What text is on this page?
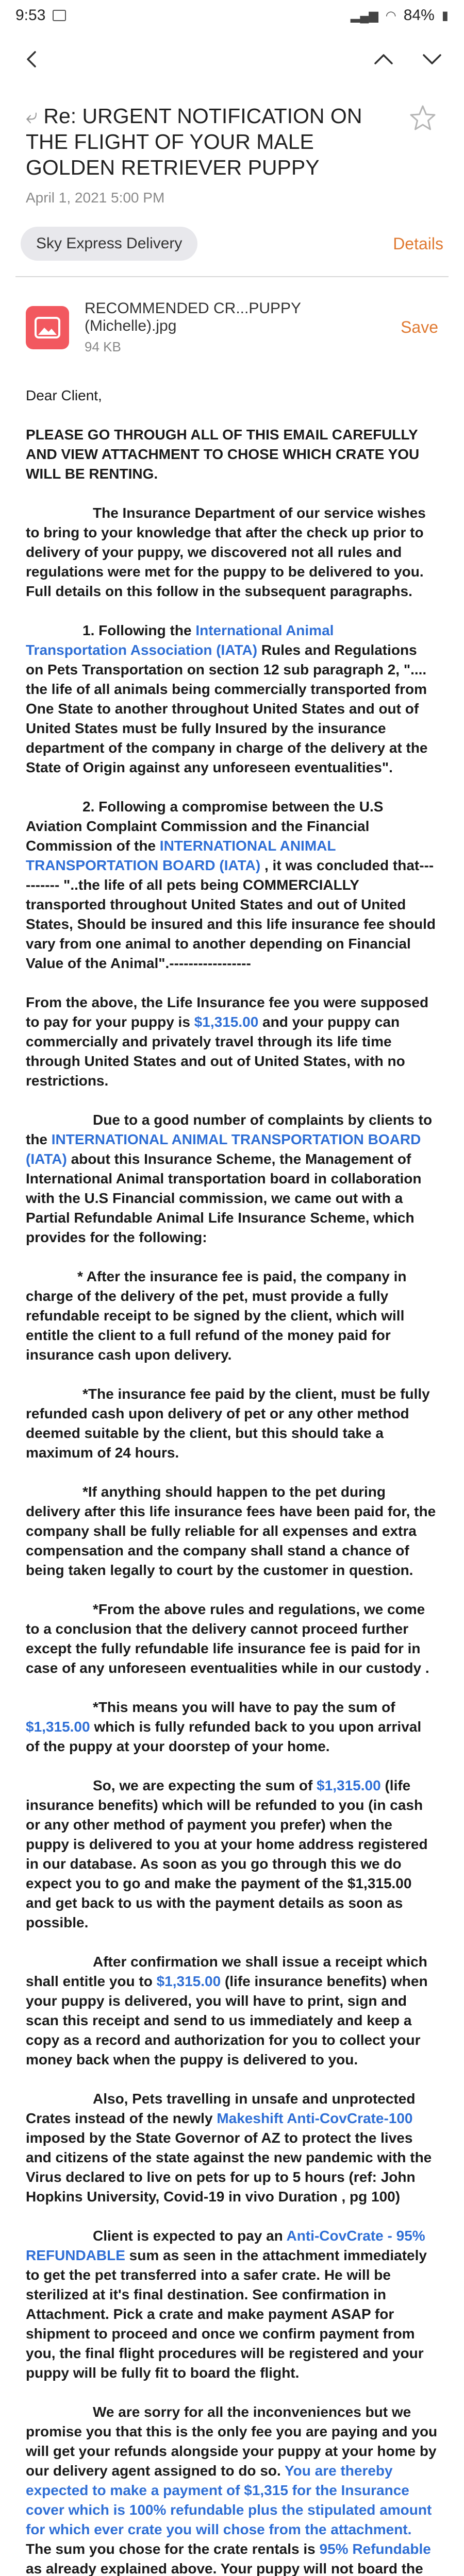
9:53	▂▄▆ ◠ 84% ▮
⤶ Re: URGENT NOTIFICATION ON THE FLIGHT OF YOUR MALE GOLDEN RETRIEVER PUPPY
April 1, 2021 5:00 PM
Sky Express Delivery	Details
RECOMMENDED CR...PUPPY (Michelle).jpg
94 KB
Save

Dear Client,

PLEASE GO THROUGH ALL OF THIS EMAIL CAREFULLY AND VIEW ATTACHMENT TO CHOSE WHICH CRATE YOU WILL BE RENTING.

The Insurance Department of our service wishes to bring to your knowledge that after the check up prior to delivery of your puppy, we discovered not all rules and regulations were met for the puppy to be delivered to you. Full details on this follow in the subsequent paragraphs.

1. Following the International Animal Transportation Association (IATA) Rules and Regulations on Pets Transportation on section 12 sub paragraph 2, ".... the life of all animals being commercially transported from One State to another throughout United States and out of United States must be fully Insured by the insurance department of the company in charge of the delivery at the State of Origin against any unforeseen eventualities".

2. Following a compromise between the U.S Aviation Complaint Commission and the Financial Commission of the INTERNATIONAL ANIMAL TRANSPORTATION BOARD (IATA) , it was concluded that---------- "..the life of all pets being COMMERCIALLY transported throughout United States and out of United States, Should be insured and this life insurance fee should vary from one animal to another depending on Financial Value of the Animal".-----------------

From the above, the Life Insurance fee you were supposed to pay for your puppy is $1,315.00 and your puppy can commercially and privately travel through its life time through United States and out of United States, with no restrictions.

Due to a good number of complaints by clients to the INTERNATIONAL ANIMAL TRANSPORTATION BOARD (IATA) about this Insurance Scheme, the Management of International Animal transportation board in collaboration with the U.S Financial commission, we came out with a Partial Refundable Animal Life Insurance Scheme, which provides for the following:

* After the insurance fee is paid, the company in charge of the delivery of the pet, must provide a fully refundable receipt to be signed by the client, which will entitle the client to a full refund of the money paid for insurance cash upon delivery.

*The insurance fee paid by the client, must be fully refunded cash upon delivery of pet or any other method deemed suitable by the client, but this should take a maximum of 24 hours.

*If anything should happen to the pet during delivery after this life insurance fees have been paid for, the company shall be fully reliable for all expenses and extra compensation and the company shall stand a chance of being taken legally to court by the customer in question.

*From the above rules and regulations, we come to a conclusion that the delivery cannot proceed further except the fully refundable life insurance fee is paid for in case of any unforeseen eventualities while in our custody .

*This means you will have to pay the sum of $1,315.00 which is fully refunded back to you upon arrival of the puppy at your doorstep of your home.

So, we are expecting the sum of $1,315.00 (life insurance benefits) which will be refunded to you (in cash or any other method of payment you prefer) when the puppy is delivered to you at your home address registered in our database. As soon as you go through this we do expect you to go and make the payment of the $1,315.00 and get back to us with the payment details as soon as possible.

After confirmation we shall issue a receipt which shall entitle you to $1,315.00 (life insurance benefits) when your puppy is delivered, you will have to print, sign and scan this receipt and send to us immediately and keep a copy as a record and authorization for you to collect your money back when the puppy is delivered to you.

Also, Pets travelling in unsafe and unprotected Crates instead of the newly Makeshift Anti-CovCrate-100 imposed by the State Governor of AZ to protect the lives and citizens of the state against the new pandemic with the Virus declared to live on pets for up to 5 hours (ref: John Hopkins University, Covid-19 in vivo Duration , pg 100)

Client is expected to pay an Anti-CovCrate - 95% REFUNDABLE sum as seen in the attachment immediately to get the pet transferred into a safer crate. He will be sterilized at it's final destination. See confirmation in Attachment. Pick a crate and make payment ASAP for shipment to proceed and once we confirm payment from you, the final flight procedures will be registered and your puppy will be fully fit to board the flight.

We are sorry for all the inconveniences but we promise you that this is the only fee you are paying and you will get your refunds alongside your puppy at your home by our delivery agent assigned to do so. You are thereby expected to make a payment of $1,315 for the Insurance cover which is 100% refundable plus the stipulated amount for which ever crate you will chose from the attachment. The sum you chose for the crate rentals is 95% Refundable as already explained above. Your puppy will not board the
